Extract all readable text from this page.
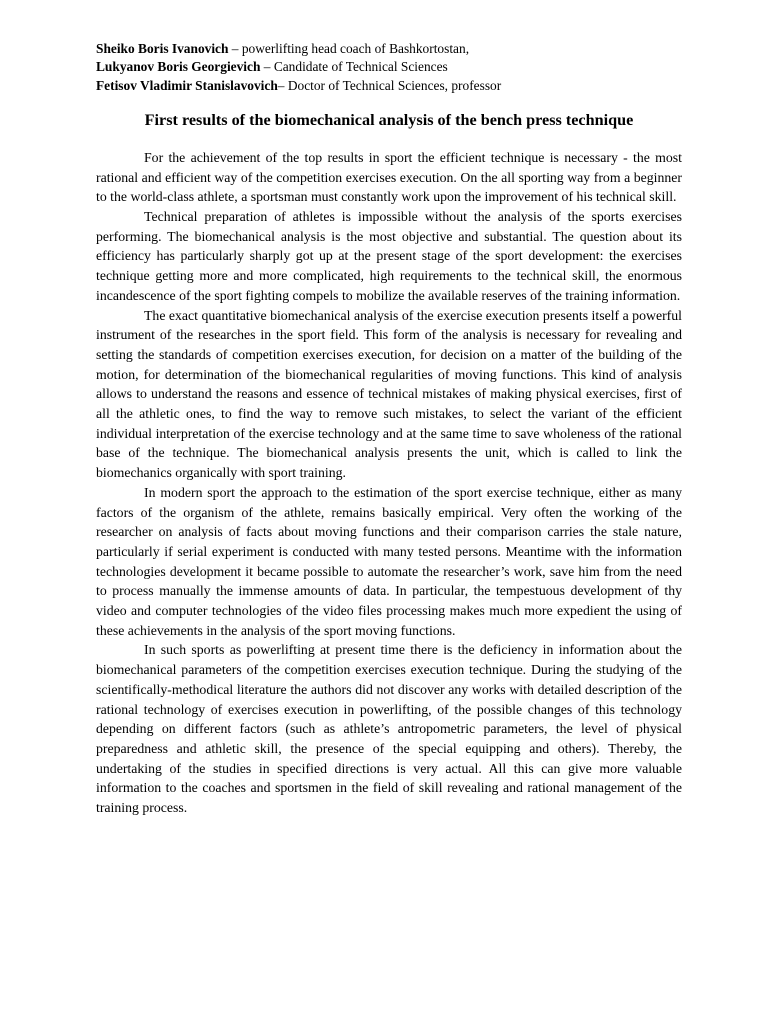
Sheiko Boris Ivanovich – powerlifting head coach of Bashkortostan,
Lukyanov Boris Georgievich – Candidate of Technical Sciences
Fetisov Vladimir Stanislavovich– Doctor of Technical Sciences, professor
First results of the biomechanical analysis of the bench press technique

For the achievement of the top results in sport the efficient technique is necessary - the most rational and efficient way of the competition exercises execution. On the all sporting way from a beginner to the world-class athlete, a sportsman must constantly work upon the improvement of his technical skill.

Technical preparation of athletes is impossible without the analysis of the sports exercises performing. The biomechanical analysis is the most objective and substantial. The question about its efficiency has particularly sharply got up at the present stage of the sport development: the exercises technique getting more and more complicated, high requirements to the technical skill, the enormous incandescence of the sport fighting compels to mobilize the available reserves of the training information.

The exact quantitative biomechanical analysis of the exercise execution presents itself a powerful instrument of the researches in the sport field. This form of the analysis is necessary for revealing and setting the standards of competition exercises execution, for decision on a matter of the building of the motion, for determination of the biomechanical regularities of moving functions. This kind of analysis allows to understand the reasons and essence of technical mistakes of making physical exercises, first of all the athletic ones, to find the way to remove such mistakes, to select the variant of the efficient individual interpretation of the exercise technology and at the same time to save wholeness of the rational base of the technique. The biomechanical analysis presents the unit, which is called to link the biomechanics organically with sport training.

In modern sport the approach to the estimation of the sport exercise technique, either as many factors of the organism of the athlete, remains basically empirical. Very often the working of the researcher on analysis of facts about moving functions and their comparison carries the stale nature, particularly if serial experiment is conducted with many tested persons. Meantime with the information technologies development it became possible to automate the researcher’s work, save him from the need to process manually the immense amounts of data. In particular, the tempestuous development of thy video and computer technologies of the video files processing makes much more expedient the using of these achievements in the analysis of the sport moving functions.

In such sports as powerlifting at present time there is the deficiency in information about the biomechanical parameters of the competition exercises execution technique. During the studying of the scientifically-methodical literature the authors did not discover any works with detailed description of the rational technology of exercises execution in powerlifting, of the possible changes of this technology depending on different factors (such as athlete’s antropometric parameters, the level of physical preparedness and athletic skill, the presence of the special equipping and others). Thereby, the undertaking of the studies in specified directions is very actual. All this can give more valuable information to the coaches and sportsmen in the field of skill revealing and rational management of the training process.
